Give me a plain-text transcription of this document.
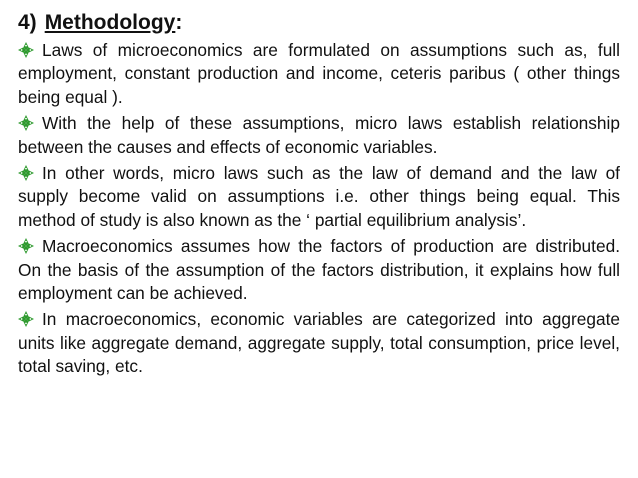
4) Methodology:
Laws of microeconomics are formulated on assumptions such as, full employment, constant production and income, ceteris paribus ( other things being equal ).
With the help of these assumptions, micro laws establish relationship between the causes and effects of economic variables.
In other words, micro laws such as the law of demand and the law of supply become valid on assumptions i.e. other things being equal. This method of study is also known as the ‘ partial equilibrium analysis’.
Macroeconomics assumes how the factors of production are distributed. On the basis of the assumption of the factors distribution, it explains how full employment can be achieved.
In macroeconomics, economic variables are categorized into aggregate units like aggregate demand, aggregate supply, total consumption, price level, total saving, etc.
